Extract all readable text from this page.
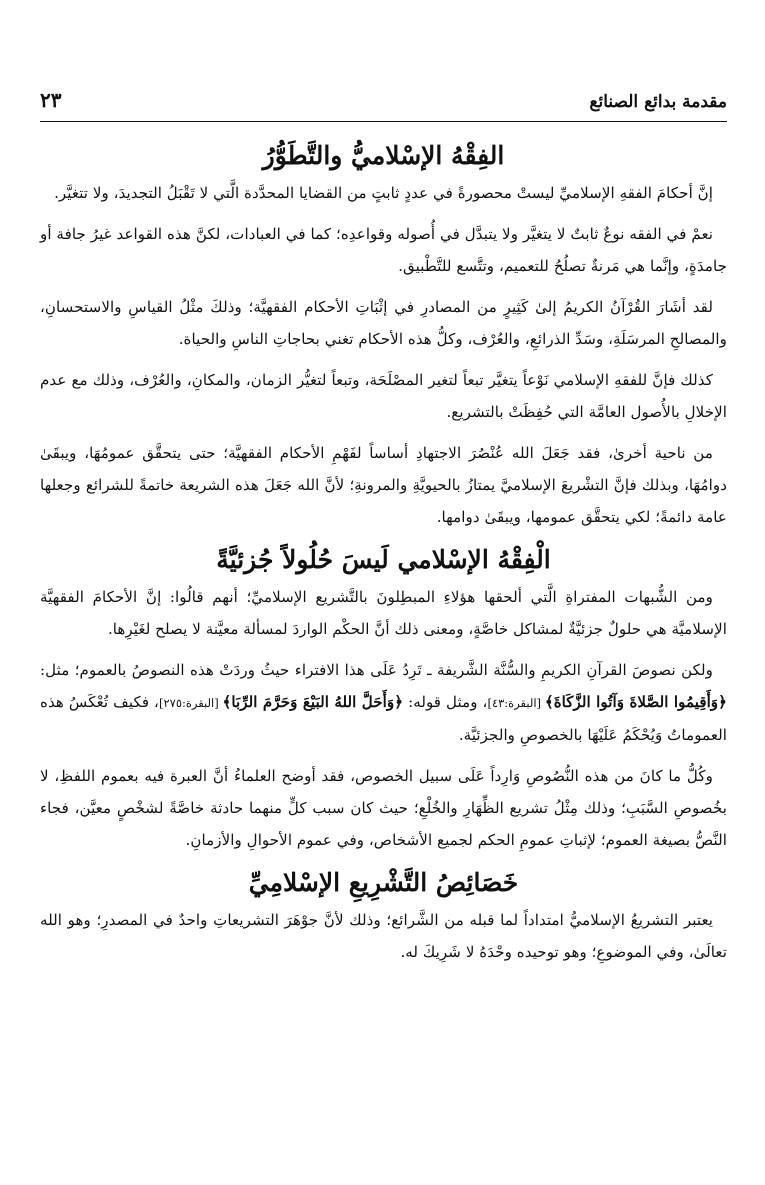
مقدمة بدائع الصنائع
٢٣
الفِقْهُ الإسْلاميُّ والتَّطَوُّرُ

إنَّ أحكامَ الفقهِ الإسلاميِّ ليستْ محصورةً في عددٍ ثابتٍ من القضايا المحدَّدة الَّتي لا تَقْبَلُ التجديدَ، ولا تتغيَّر.

نعمْ في الفقه نوعٌ ثابتٌ لا يتغيَّر ولا يتبدَّل في أُصوله وقواعدِه؛ كما في العبادات، لكنَّ هذه القواعد غيرُ جافة أو جامدَةٍ، وإنَّما هي مَرنةٌ تصلُحُ للتعميم، وتتَّسع للتَّطْبيق.

لقد أشَارَ القُرْآنُ الكريمُ إلىٰ كَثِيرٍ من المصادرِ في إثْبَاتِ الأحكام الفقهيَّة؛ وذلكَ مثْلُ القياسِ والاستحسانِ، والمصالحِ المرسَلَةِ، وسَدِّ الذرائعِ، والعُرْف، وكلُّ هذه الأحكام تغني بحاجاتِ الناسِ والحياة.

كذلك فإنَّ للفقهِ الإسلامي نَوْعاً يتغيَّر تبعاً لتغير المصْلَحَة، وتبعاً لتغيُّر الزمان، والمكانِ، والعُرْف، وذلك مع عدم الإخلالِ بالأُصول العامَّة التي حُفِظَتْ بالتشريع.

من ناحية أخرىٰ، فقد جَعَلَ الله عُنْصُرَ الاجتهادِ أساساً لفَهْمِ الأحكام الفقهيَّة؛ حتى يتحقَّق عمومُهَا، ويبقَىٰ دوامُهَا، وبذلك فإنَّ التشْريعَ الإسلاميَّ يمتازُ بالحيويَّةِ والمرونةِ؛ لأنَّ الله جَعَلَ هذه الشريعة خاتمةً للشرائع وجعلها عامة دائمةً؛ لكي يتحقَّق عمومها، ويبقَىٰ دوامها.

الْفِقْهُ الإسْلامي لَيسَ حُلُولاً جُزئيَّةً

ومن الشُّبهات المفتراةِ الَّتي ألحقها هؤلاءِ المبطِلونَ بالتَّشريع الإسلاميِّ؛ أنهم قالُوا: إنَّ الأحكامَ الفقهيَّة الإسلاميَّة هي حلولٌ جزئيَّةٌ لمشاكل خاصَّةٍ، ومعنى ذلك أنَّ الحكْم الواردَ لمسألة معيَّنة لا يصلح لغَيْرِها.

ولكن نصوصَ القرآنِ الكريمِ والسُّنَّة الشَّريفة ـ تَرِدُ عَلَى هذا الافتراء حيثُ وردَتْ هذه النصوصُ بالعموم؛ مثل: ﴿وَأَقِيمُوا الصَّلاةَ وَآتُوا الزَّكَاةَ﴾ [البقرة:٤٣]، ومثل قوله: ﴿وَأَحَلَّ اللهُ البَيْعَ وَحَرَّمَ الرِّبَا﴾ [البقرة:٢٧٥]، فكيف تُعْكَسُ هذه العموماتُ وَيُحْكَمُ عَلَيْهَا بالخصوصِ والجزئيَّة.

وكُلُّ ما كانَ من هذه النُّصُوصِ وَارِداً عَلَى سبيل الخصوص، فقد أوضح العلماءُ أنَّ العبرة فيه بعموم اللفظِ، لا بخُصوصِ السَّبَبِ؛ وذلك مِثْلُ تشريع الظِّهَارِ والخُلْعِ؛ حيث كان سبب كلٍّ منهما حادثة خاصَّةً لشخْصٍ معيَّن، فجاء النَّصُّ بصيغة العموم؛ لإثباتِ عمومِ الحكم لجميع الأشخاص، وفي عموم الأحوالِ والأزمانِ.

خَصَائِصُ التَّشْرِيعِ الإسْلامِيِّ

يعتبر التشريعُ الإسلاميُّ امتداداً لما قبله من الشَّرائع؛ وذلك لأنَّ جوْهَرَ التشريعاتِ واحدٌ في المصدرِ؛ وهو الله تعالَىٰ، وفي الموضوعِ؛ وهو توحيده وحْدَهُ لا شَرِيكَ له.
